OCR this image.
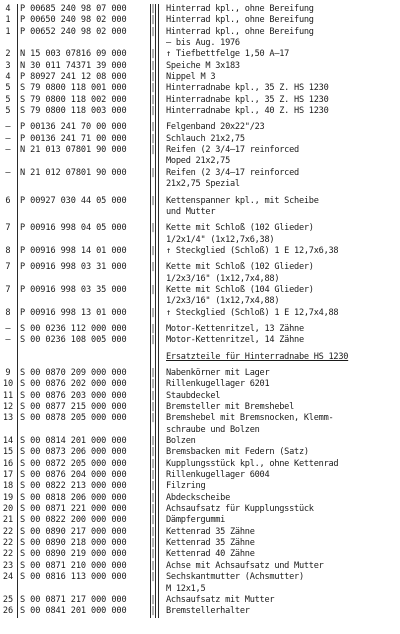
4	P 00685 240 98 07 000	│ Hinterrad kpl., ohne Bereifung
1	P 00650 240 98 02 000	│ Hinterrad kpl., ohne Bereifung
1	P 00652 240 98 02 000	│ Hinterrad kpl., ohne Bereifung
– bis Aug. 1976
2	N 15 003 07816 09 000	│ ↑ Tiefbettfelge 1,50 A–17
3	N 30 011 74371 39 000	│ Speiche M 3x183
4	P 80927 241 12 08 000	│ Nippel M 3
5	S 79 0800 118 001 000	│ Hinterradnabe kpl., 35 Z. HS 1230
5	S 79 0800 118 002 000	│ Hinterradnabe kpl., 35 Z. HS 1230
5	S 79 0800 118 003 000	│ Hinterradnabe kpl., 40 Z. HS 1230
–	P 00136 241 70 00 000	│ Felgenband 20x22"/23
–	P 00136 241 71 00 000	│ Schlauch 21x2,75
–	N 21 013 07801 90 000	│ Reifen (2 3/4–17 reinforced
Moped 21x2,75
–	N 21 012 07801 90 000	│ Reifen (2 3/4–17 reinforced
21x2,75 Spezial
6	P 00927 030 44 05 000	│ Kettenspanner kpl., mit Scheibe
und Mutter
7	P 00916 998 04 05 000	│ Kette mit Schloß (102 Glieder)
1/2x1/4" (1x12,7x6,38)
8	P 00916 998 14 01 000	│ ↑ Steckglied (Schloß) 1 E 12,7x6,38
7	P 00916 998 03 31 000	│ Kette mit Schloß (102 Glieder)
1/2x3/16" (1x12,7x4,88)
7	P 00916 998 03 35 000	│ Kette mit Schloß (104 Glieder)
1/2x3/16" (1x12,7x4,88)
8	P 00916 998 13 01 000	│ ↑ Steckglied (Schloß) 1 E 12,7x4,88
–	S 00 0236 112 000 000	│ Motor-Kettenritzel, 13 Zähne
–	S 00 0236 108 005 000	│ Motor-Kettenritzel, 14 Zähne
Ersatzteile für Hinterradnabe HS 1230
9	S 00 0870 209 000 000	│ Nabenkörner mit Lager
10 S 00 0876 202 000 000	│ Rillenkugellager 6201
11 S 00 0876 203 000 000	│ Staubdeckel
12 S 00 0877 215 000 000	│ Bremsteller mit Bremshebel
13 S 00 0878 205 000 000	│ Bremshebel mit Bremsnocken, Klemm-
schraube und Bolzen
14 S 00 0814 201 000 000	│ Bolzen
15 S 00 0873 206 000 000	│ Bremsbacken mit Federn (Satz)
16 S 00 0872 205 000 000	│ Kupplungsstück kpl., ohne Kettenrad
17 S 00 0876 204 000 000	│ Rillenkugellager 6004
18 S 00 0822 213 000 000	│ Filzring
19 S 00 0818 206 000 000	│ Abdeckscheibe
20 S 00 0871 221 000 000	│ Achsaufsatz für Kupplungsstück
21 S 00 0822 200 000 000	│ Dämpfergummi
22 S 00 0890 217 000 000	│ Kettenrad 35 Zähne
22 S 00 0890 218 000 000	│ Kettenrad 35 Zähne
22 S 00 0890 219 000 000	│ Kettenrad 40 Zähne
23 S 00 0871 210 000 000	│ Achse mit Achsaufsatz und Mutter
24 S 00 0816 113 000 000	│ Sechskantmutter (Achsmutter)
M 12x1,5
25 S 00 0871 217 000 000	│ Achsaufsatz mit Mutter
26 S 00 0841 201 000 000	│ Bremstellerhalter
